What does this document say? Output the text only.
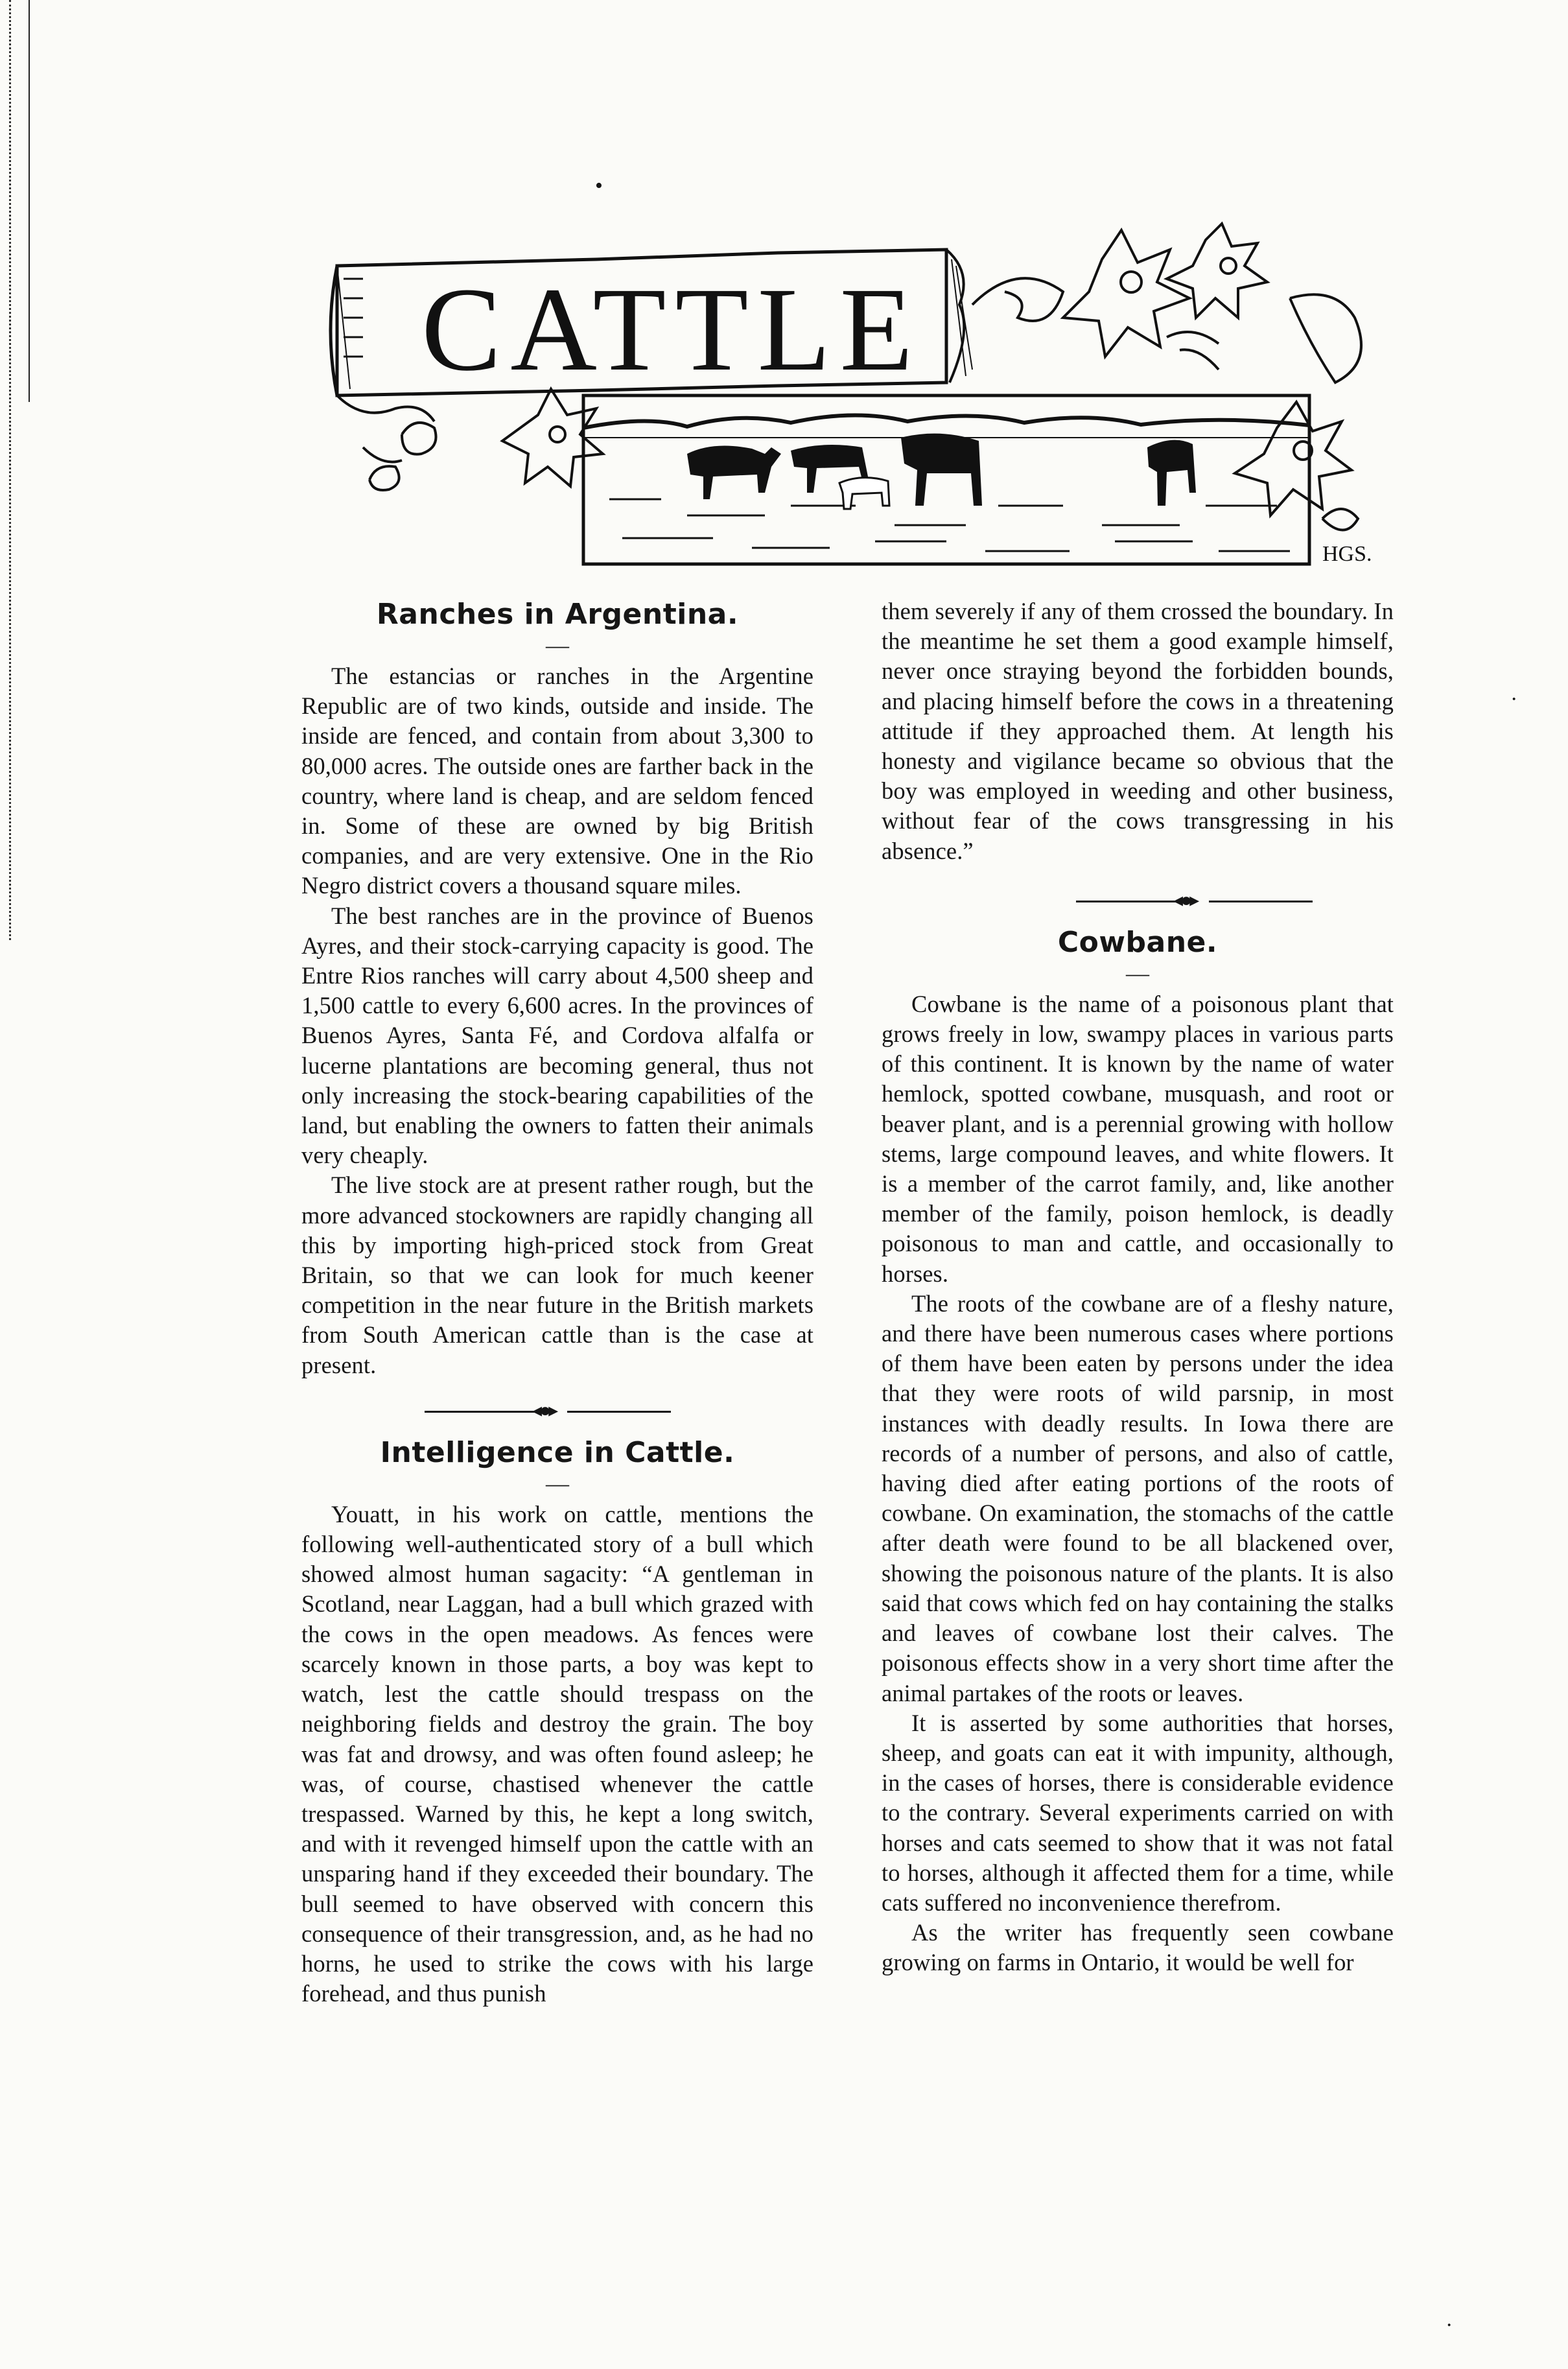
•
·
·
CATTLE
HGS.
Ranches in Argentina.
—

The estancias or ranches in the Argentine Republic are of two kinds, outside and inside. The inside are fenced, and contain from about 3,300 to 80,000 acres. The outside ones are farther back in the country, where land is cheap, and are seldom fenced in. Some of these are owned by big British companies, and are very extensive. One in the Rio Negro district covers a thousand square miles.

The best ranches are in the province of Buenos Ayres, and their stock-carrying capacity is good. The Entre Rios ranches will carry about 4,500 sheep and 1,500 cattle to every 6,600 acres. In the provinces of Buenos Ayres, Santa Fé, and Cordova alfalfa or lucerne plantations are becoming general, thus not only increasing the stock-bearing capabilities of the land, but enabling the owners to fatten their animals very cheaply.

The live stock are at present rather rough, but the more advanced stockowners are rapidly changing all this by importing high-priced stock from Great Britain, so that we can look for much keener competition in the near future in the British markets from South American cattle than is the case at present.

◂●▸
Intelligence in Cattle.
—

Youatt, in his work on cattle, mentions the following well-authenticated story of a bull which showed almost human sagacity: “A gentleman in Scotland, near Laggan, had a bull which grazed with the cows in the open meadows. As fences were scarcely known in those parts, a boy was kept to watch, lest the cattle should trespass on the neighboring fields and destroy the grain. The boy was fat and drowsy, and was often found asleep; he was, of course, chastised whenever the cattle trespassed. Warned by this, he kept a long switch, and with it revenged himself upon the cattle with an unsparing hand if they exceeded their boundary. The bull seemed to have observed with concern this consequence of their transgression, and, as he had no horns, he used to strike the cows with his large forehead, and thus punish

them severely if any of them crossed the boundary. In the meantime he set them a good example himself, never once straying beyond the forbidden bounds, and placing himself before the cows in a threatening attitude if they approached them. At length his honesty and vigilance became so obvious that the boy was employed in weeding and other business, without fear of the cows transgressing in his absence.”

◂●▸
Cowbane.
—

Cowbane is the name of a poisonous plant that grows freely in low, swampy places in various parts of this continent. It is known by the name of water hemlock, spotted cowbane, musquash, and root or beaver plant, and is a perennial growing with hollow stems, large compound leaves, and white flowers. It is a member of the carrot family, and, like another member of the family, poison hemlock, is deadly poisonous to man and cattle, and occasionally to horses.

The roots of the cowbane are of a fleshy nature, and there have been numerous cases where portions of them have been eaten by persons under the idea that they were roots of wild parsnip, in most instances with deadly results. In Iowa there are records of a number of persons, and also of cattle, having died after eating portions of the roots of cowbane. On examination, the stomachs of the cattle after death were found to be all blackened over, showing the poisonous nature of the plants. It is also said that cows which fed on hay containing the stalks and leaves of cowbane lost their calves. The poisonous effects show in a very short time after the animal partakes of the roots or leaves.

It is asserted by some authorities that horses, sheep, and goats can eat it with impunity, although, in the cases of horses, there is considerable evidence to the contrary. Several experiments carried on with horses and cats seemed to show that it was not fatal to horses, although it affected them for a time, while cats suffered no inconvenience therefrom.

As the writer has frequently seen cowbane growing on farms in Ontario, it would be well for
